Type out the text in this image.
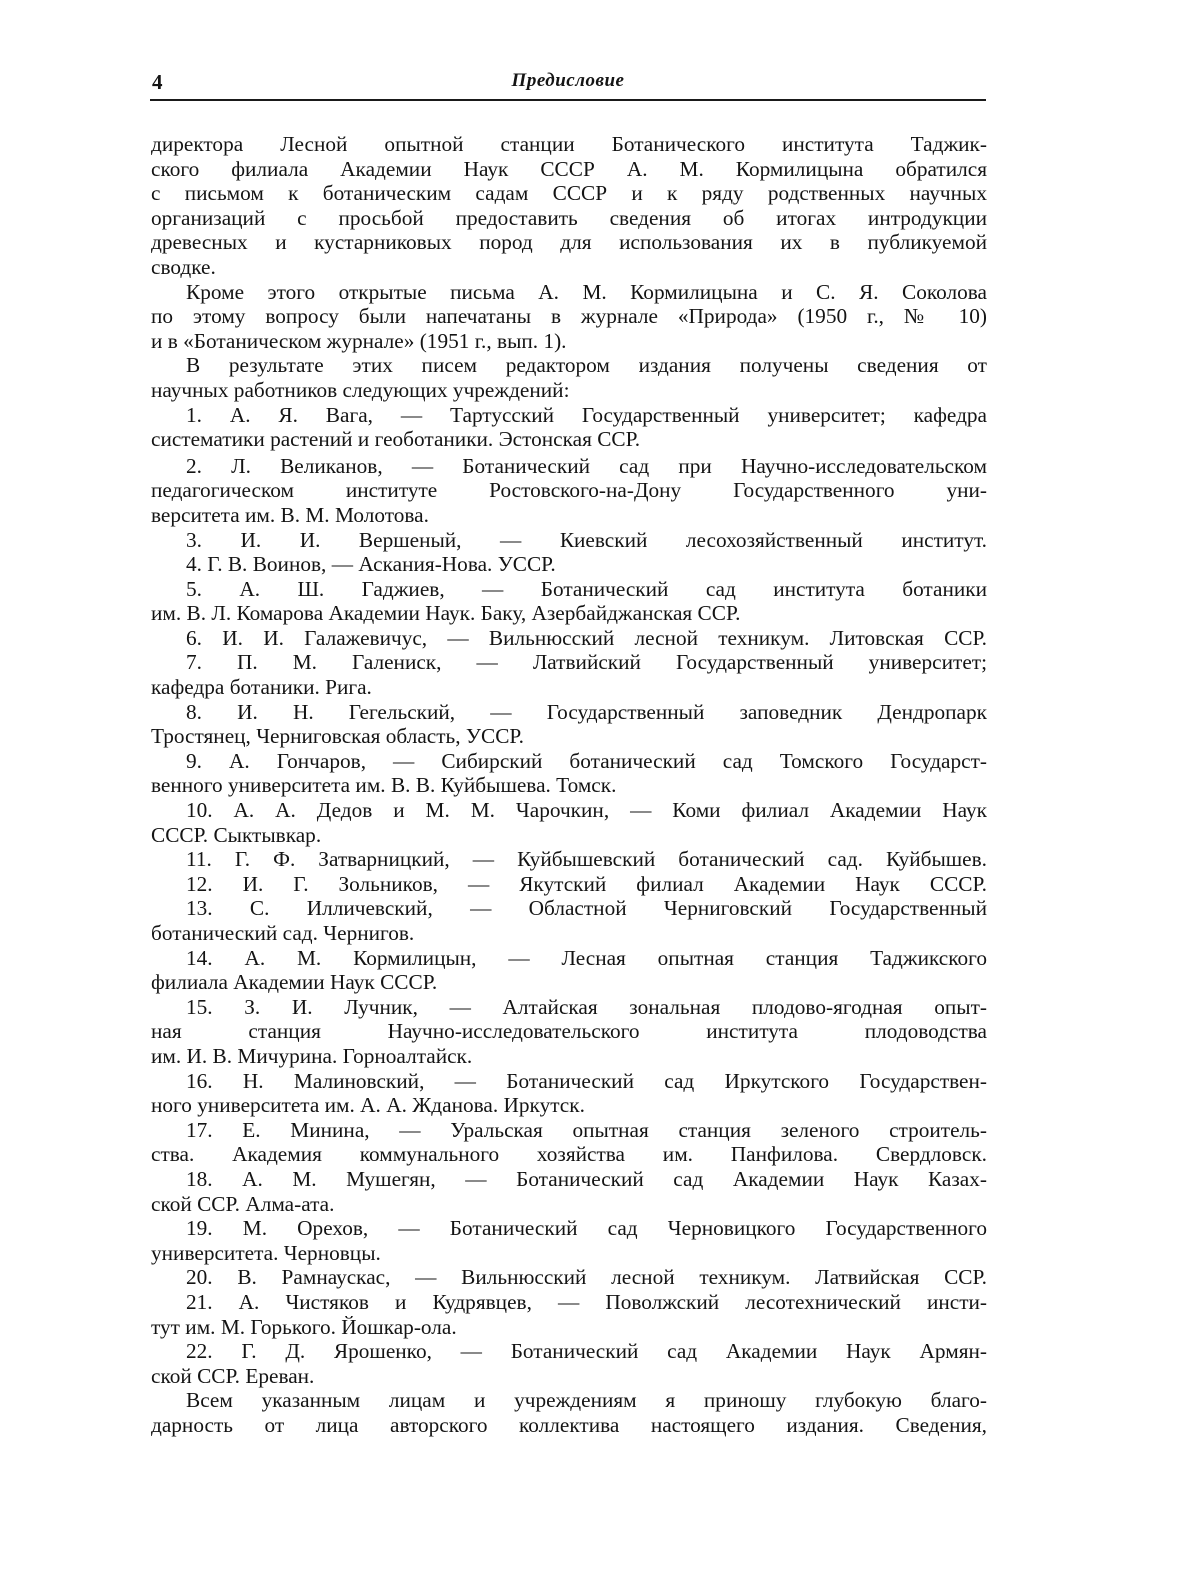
4	Предисловие
директора Лесной опытной станции Ботанического института Таджик-
ского филиала Академии Наук СССР А. М. Кормилицына обратился
с письмом к ботаническим садам СССР и к ряду родственных научных
организаций с просьбой предоставить сведения об итогах интродукции
древесных и кустарниковых пород для использования их в публикуемой
сводке.
Кроме этого открытые письма А. М. Кормилицына и С. Я. Соколова
по этому вопросу были напечатаны в журнале «Природа» (1950 г., № 10)
и в «Ботаническом журнале» (1951 г., вып. 1).
В результате этих писем редактором издания получены сведения от
научных работников следующих учреждений:
1. А. Я. Вага, — Тартусский Государственный университет; кафедра
систематики растений и геоботаники. Эстонская ССР.
2. Л. Великанов, — Ботанический сад при Научно-исследовательском
педагогическом институте Ростовского-на-Дону Государственного уни-
верситета им. В. М. Молотова.
3. И. И. Вершеный, — Киевский лесохозяйственный институт.
4. Г. В. Воинов, — Аскания-Нова. УССР.
5. А. Ш. Гаджиев, — Ботанический сад института ботаники
им. В. Л. Комарова Академии Наук. Баку, Азербайджанская ССР.
6. И. И. Галажевичус, — Вильнюсский лесной техникум. Литовская ССР.
7. П. М. Галениск, — Латвийский Государственный университет;
кафедра ботаники. Рига.
8. И. Н. Гегельский, — Государственный заповедник Дендропарк
Тростянец, Черниговская область, УССР.
9. А. Гончаров, — Сибирский ботанический сад Томского Государст-
венного университета им. В. В. Куйбышева. Томск.
10. А. А. Дедов и М. М. Чарочкин, — Коми филиал Академии Наук
СССР. Сыктывкар.
11. Г. Ф. Затварницкий, — Куйбышевский ботанический сад. Куйбышев.
12. И. Г. Зольников, — Якутский филиал Академии Наук СССР.
13. С. Илличевский, — Областной Черниговский Государственный
ботанический сад. Чернигов.
14. А. М. Кормилицын, — Лесная опытная станция Таджикского
филиала Академии Наук СССР.
15. З. И. Лучник, — Алтайская зональная плодово-ягодная опыт-
ная станция Научно-исследовательского института плодоводства
им. И. В. Мичурина. Горноалтайск.
16. Н. Малиновский, — Ботанический сад Иркутского Государствен-
ного университета им. А. А. Жданова. Иркутск.
17. Е. Минина, — Уральская опытная станция зеленого строитель-
ства. Академия коммунального хозяйства им. Панфилова. Свердловск.
18. А. М. Мушегян, — Ботанический сад Академии Наук Казах-
ской ССР. Алма-ата.
19. М. Орехов, — Ботанический сад Черновицкого Государственного
университета. Черновцы.
20. В. Рамнаускас, — Вильнюсский лесной техникум. Латвийская ССР.
21. А. Чистяков и Кудрявцев, — Поволжский лесотехнический инсти-
тут им. М. Горького. Йошкар-ола.
22. Г. Д. Ярошенко, — Ботанический сад Академии Наук Армян-
ской ССР. Ереван.
Всем указанным лицам и учреждениям я приношу глубокую благо-
дарность от лица авторского коллектива настоящего издания. Сведения,
